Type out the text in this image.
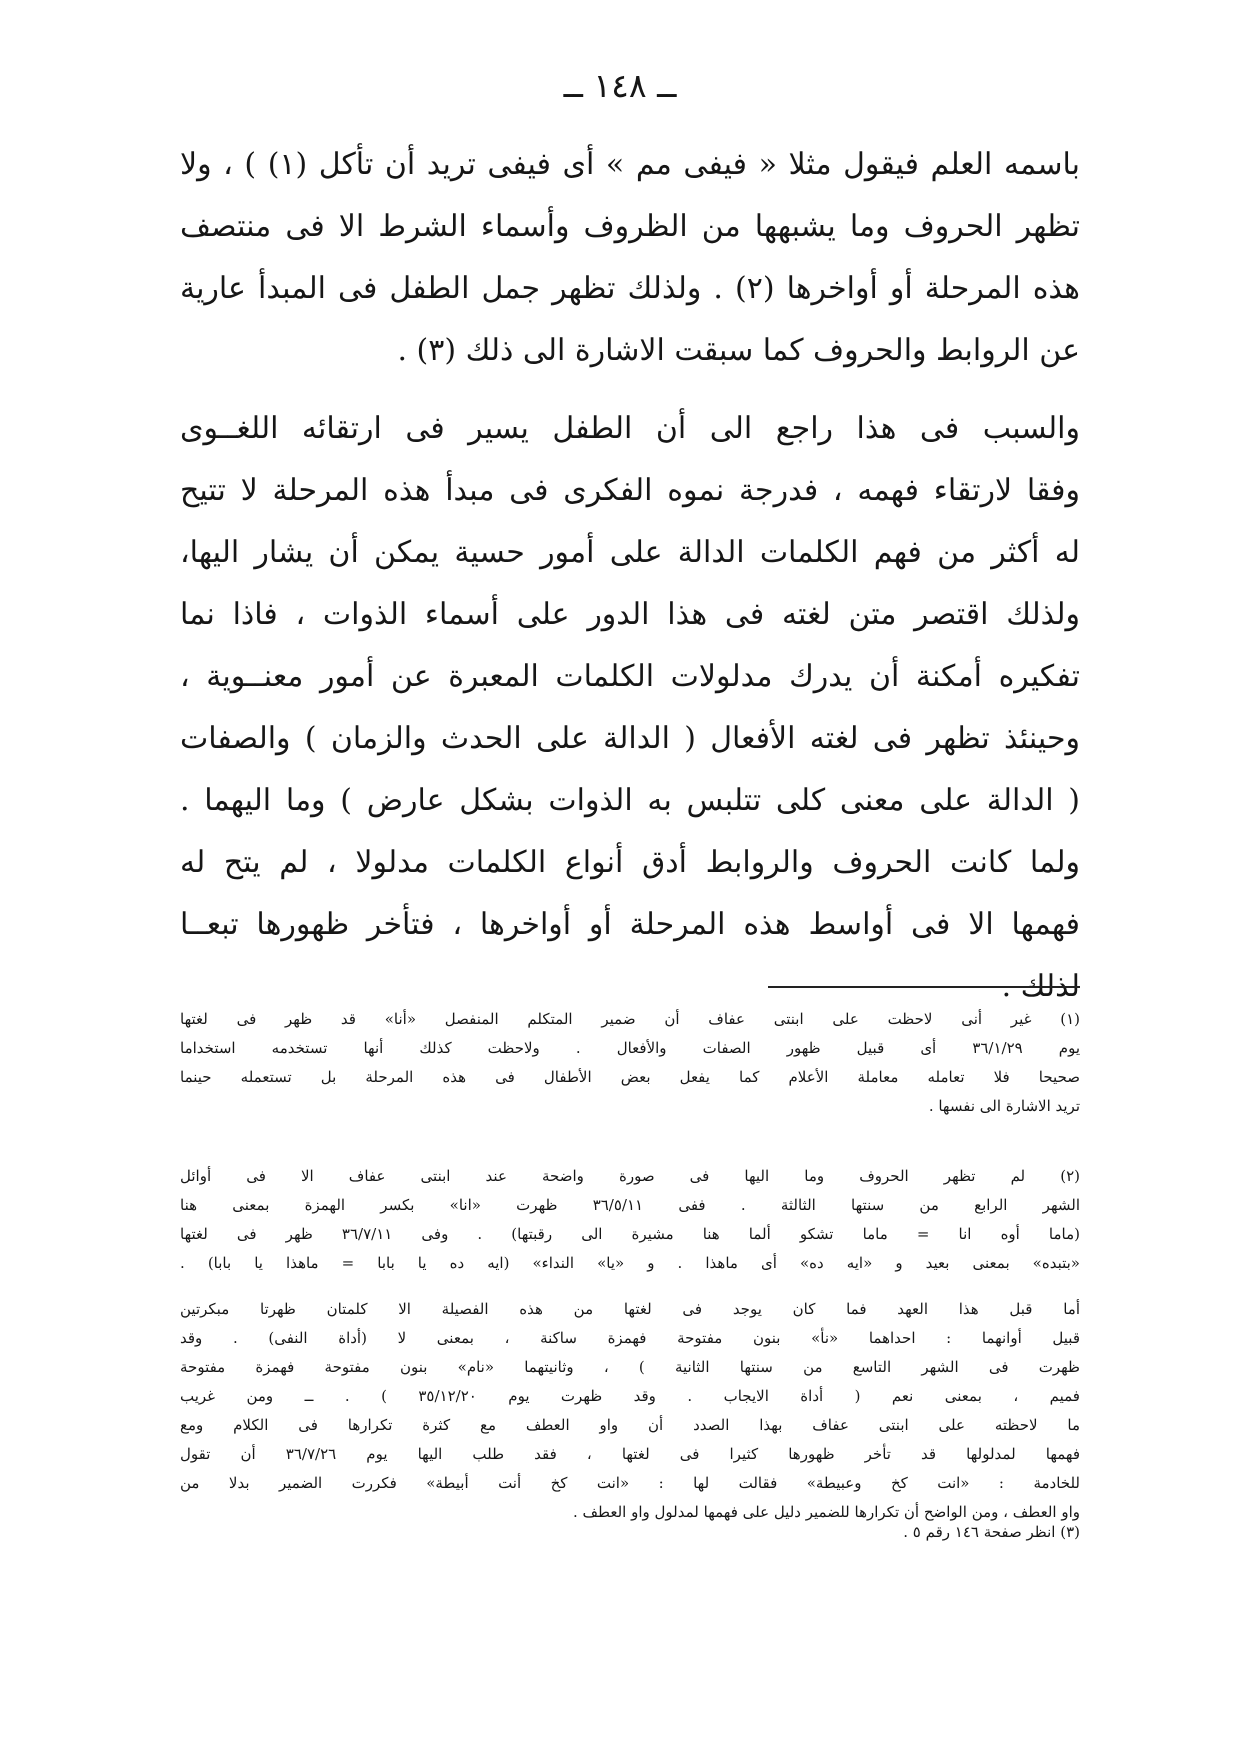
ــ ١٤٨ ــ
باسمه العلم فيقول مثلا « فيفى مم » أى فيفى تريد أن تأكل (١) ) ، ولا
تظهر الحروف وما يشبهها من الظروف وأسماء الشرط الا فى منتصف
هذه المرحلة أو أواخرها (٢) . ولذلك تظهر جمل الطفل فى المبدأ عارية
عن الروابط والحروف كما سبقت الاشارة الى ذلك (٣) .
والسبب فى هذا راجع الى أن الطفل يسير فى ارتقائه اللغــوى
وفقا لارتقاء فهمه ، فدرجة نموه الفكرى فى مبدأ هذه المرحلة لا تتيح
له أكثر من فهم الكلمات الدالة على أمور حسية يمكن أن يشار اليها،
ولذلك اقتصر متن لغته فى هذا الدور على أسماء الذوات ، فاذا نما
تفكيره أمكنة أن يدرك مدلولات الكلمات المعبرة عن أمور معنــوية ،
وحينئذ تظهر فى لغته الأفعال ( الدالة على الحدث والزمان ) والصفات
( الدالة على معنى كلى تتلبس به الذوات بشكل عارض ) وما اليهما .
ولما كانت الحروف والروابط أدق أنواع الكلمات مدلولا ، لم يتح له
فهمها الا فى أواسط هذه المرحلة أو أواخرها ، فتأخر ظهورها تبعــا
لذلك .
(١) غير أنى لاحظت على ابنتى عفاف أن ضمير المتكلم المنفصل «أنا» قد ظهر فى لغتها
يوم ٣٦/١/٢٩ أى قبيل ظهور الصفات والأفعال . ولاحظت كذلك أنها تستخدمه استخداما
صحيحا فلا تعامله معاملة الأعلام كما يفعل بعض الأطفال فى هذه المرحلة بل تستعمله حينما
تريد الاشارة الى نفسها .
(٢) لم تظهر الحروف وما اليها فى صورة واضحة عند ابنتى عفاف الا فى أوائل
الشهر الرابع من سنتها الثالثة . ففى ٣٦/٥/١١ ظهرت «انا» بكسر الهمزة بمعنى هنا
(ماما أوه انا = ماما تشكو ألما هنا مشيرة الى رقبتها) . وفى ٣٦/٧/١١ ظهر فى لغتها
«بتبده» بمعنى بعيد و «ايه ده» أى ماهذا . و «يا» النداء» (ايه ده يا بابا = ماهذا يا بابا) .
أما قبل هذا العهد فما كان يوجد فى لغتها من هذه الفصيلة الا كلمتان ظهرتا مبكرتين
قبيل أوانهما : احداهما «نأ» بنون مفتوحة فهمزة ساكنة ، بمعنى لا (أداة النفى) . وقد
ظهرت فى الشهر التاسع من سنتها الثانية ) ، وثانيتهما «نام» بنون مفتوحة فهمزة مفتوحة
فميم ، بمعنى نعم ( أداة الايجاب . وقد ظهرت يوم ٣٥/١٢/٢٠ ) . ــ ومن غريب
ما لاحظته على ابنتى عفاف بهذا الصدد أن واو العطف مع كثرة تكرارها فى الكلام ومع
فهمها لمدلولها قد تأخر ظهورها كثيرا فى لغتها ، فقد طلب اليها يوم ٣٦/٧/٢٦ أن تقول
للخادمة : «انت كخ وعبيطة» فقالت لها : «انت كخ أنت أبيطة» فكررت الضمير بدلا من
واو العطف ، ومن الواضح أن تكرارها للضمير دليل على فهمها لمدلول واو العطف .
(٣) انظر صفحة ١٤٦ رقم ٥ .
